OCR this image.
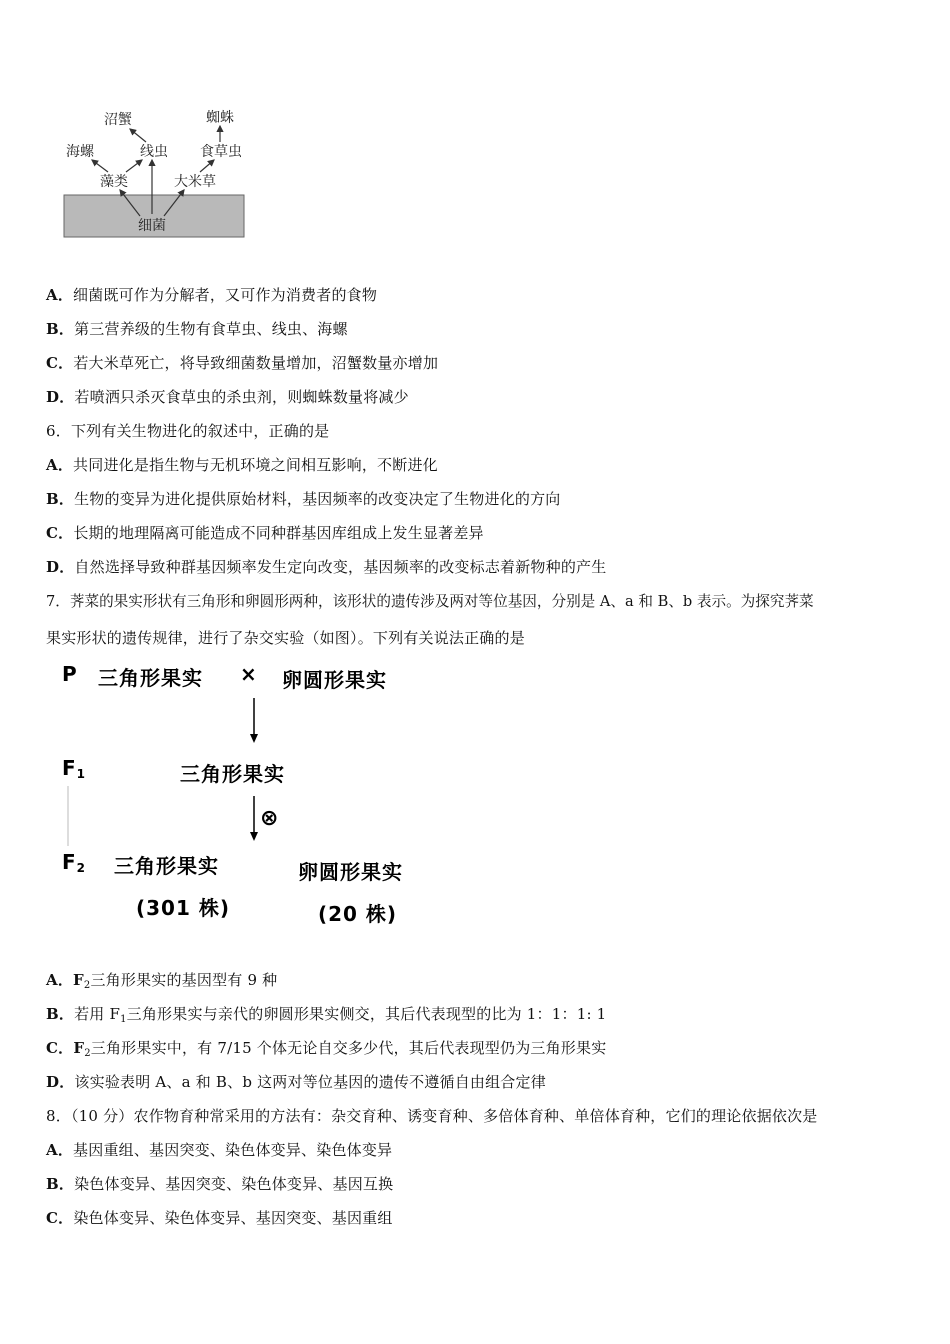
细菌
沼蟹	蜘蛛
海螺	线虫 食草虫
藻类	大米草
A．细菌既可作为分解者，又可作为消费者的食物
B．第三营养级的生物有食草虫、线虫、海螺
C．若大米草死亡，将导致细菌数量增加，沼蟹数量亦增加
D．若喷洒只杀灭食草虫的杀虫剂，则蜘蛛数量将减少
6．下列有关生物进化的叙述中，正确的是
A．共同进化是指生物与无机环境之间相互影响，不断进化
B．生物的变异为进化提供原始材料，基因频率的改变决定了生物进化的方向
C．长期的地理隔离可能造成不同种群基因库组成上发生显著差异
D．自然选择导致种群基因频率发生定向改变，基因频率的改变标志着新物种的产生
7．荠菜的果实形状有三角形和卵圆形两种，该形状的遗传涉及两对等位基因，分别是 A、a 和 B、b 表示。为探究荠菜
果实形状的遗传规律，进行了杂交实验（如图）。下列有关说法正确的是
P 三角形果实 × 卵圆形果实
$F_1$	三角形果实
⊗
$F_2$ 三角形果实
(301 株)
卵圆形果实
(20 株)
A．$F_2$三角形果实的基因型有 9 种
B．若用 $F_1$三角形果实与亲代的卵圆形果实侧交，其后代表现型的比为 1：1：1: 1
C．$F_2$三角形果实中，有 7/15 个体无论自交多少代，其后代表现型仍为三角形果实
D．该实验表明 A、a 和 B、b 这两对等位基因的遗传不遵循自由组合定律
8．（10 分）农作物育种常采用的方法有：杂交育种、诱变育种、多倍体育种、单倍体育种，它们的理论依据依次是
A．基因重组、基因突变、染色体变异、染色体变异
B．染色体变异、基因突变、染色体变异、基因互换
C．染色体变异、染色体变异、基因突变、基因重组
